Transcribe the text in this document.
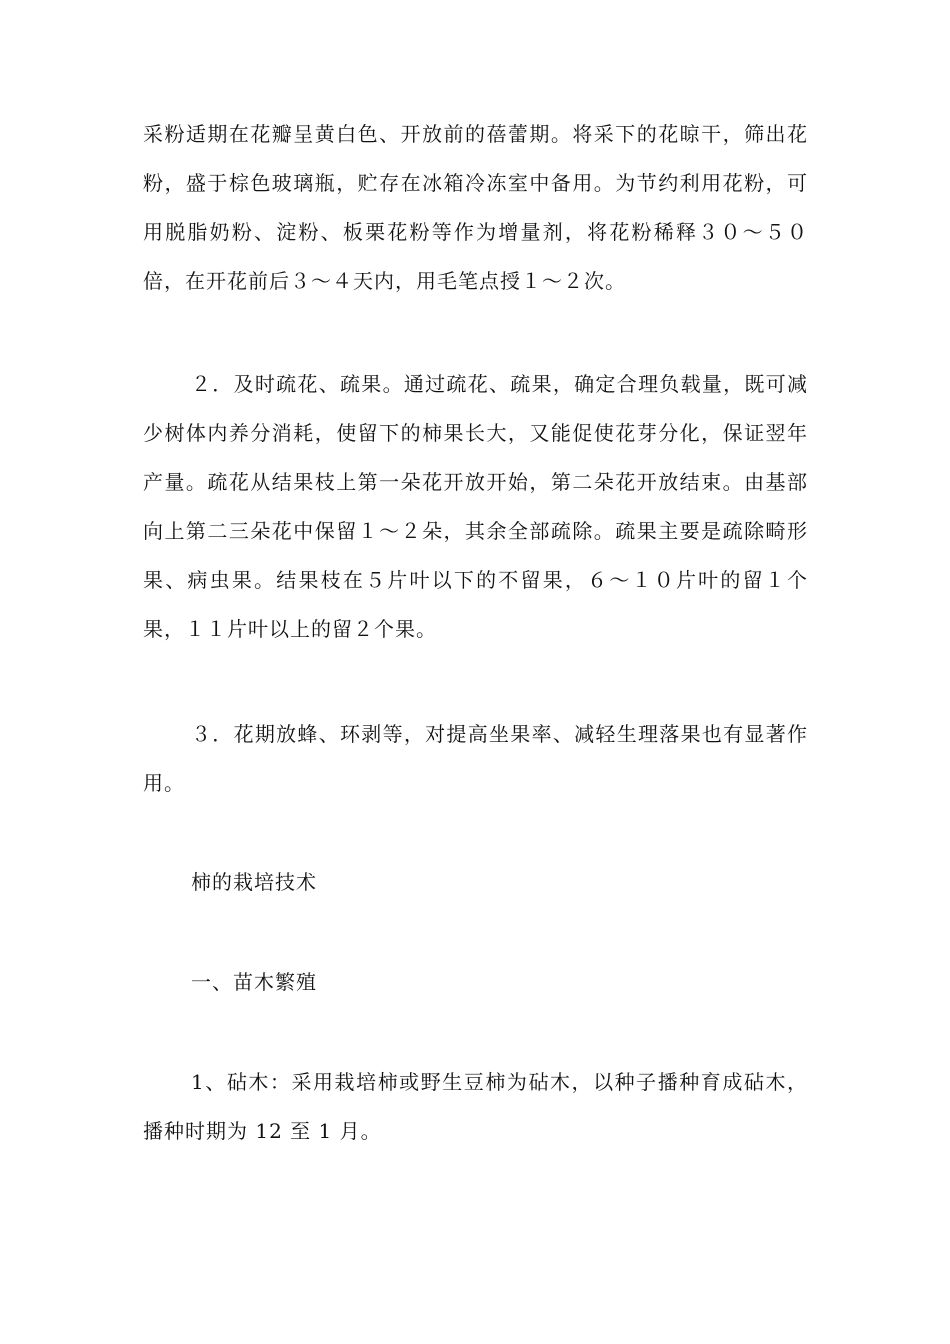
采粉适期在花瓣呈黄白色、开放前的蓓蕾期。将采下的花晾干，筛出花粉，盛于棕色玻璃瓶，贮存在冰箱冷冻室中备用。为节约利用花粉，可用脱脂奶粉、淀粉、板栗花粉等作为增量剂，将花粉稀释３０～５０倍，在开花前后３～４天内，用毛笔点授１～２次。

２．及时疏花、疏果。通过疏花、疏果，确定合理负载量，既可减少树体内养分消耗，使留下的柿果长大，又能促使花芽分化，保证翌年产量。疏花从结果枝上第一朵花开放开始，第二朵花开放结束。由基部向上第二三朵花中保留１～２朵，其余全部疏除。疏果主要是疏除畸形果、病虫果。结果枝在５片叶以下的不留果，６～１０片叶的留１个果，１１片叶以上的留２个果。

３．花期放蜂、环剥等，对提高坐果率、减轻生理落果也有显著作用。

柿的栽培技术

一、苗木繁殖

1、砧木：采用栽培柿或野生豆柿为砧木，以种子播种育成砧木，播种时期为 12 至 1 月。
